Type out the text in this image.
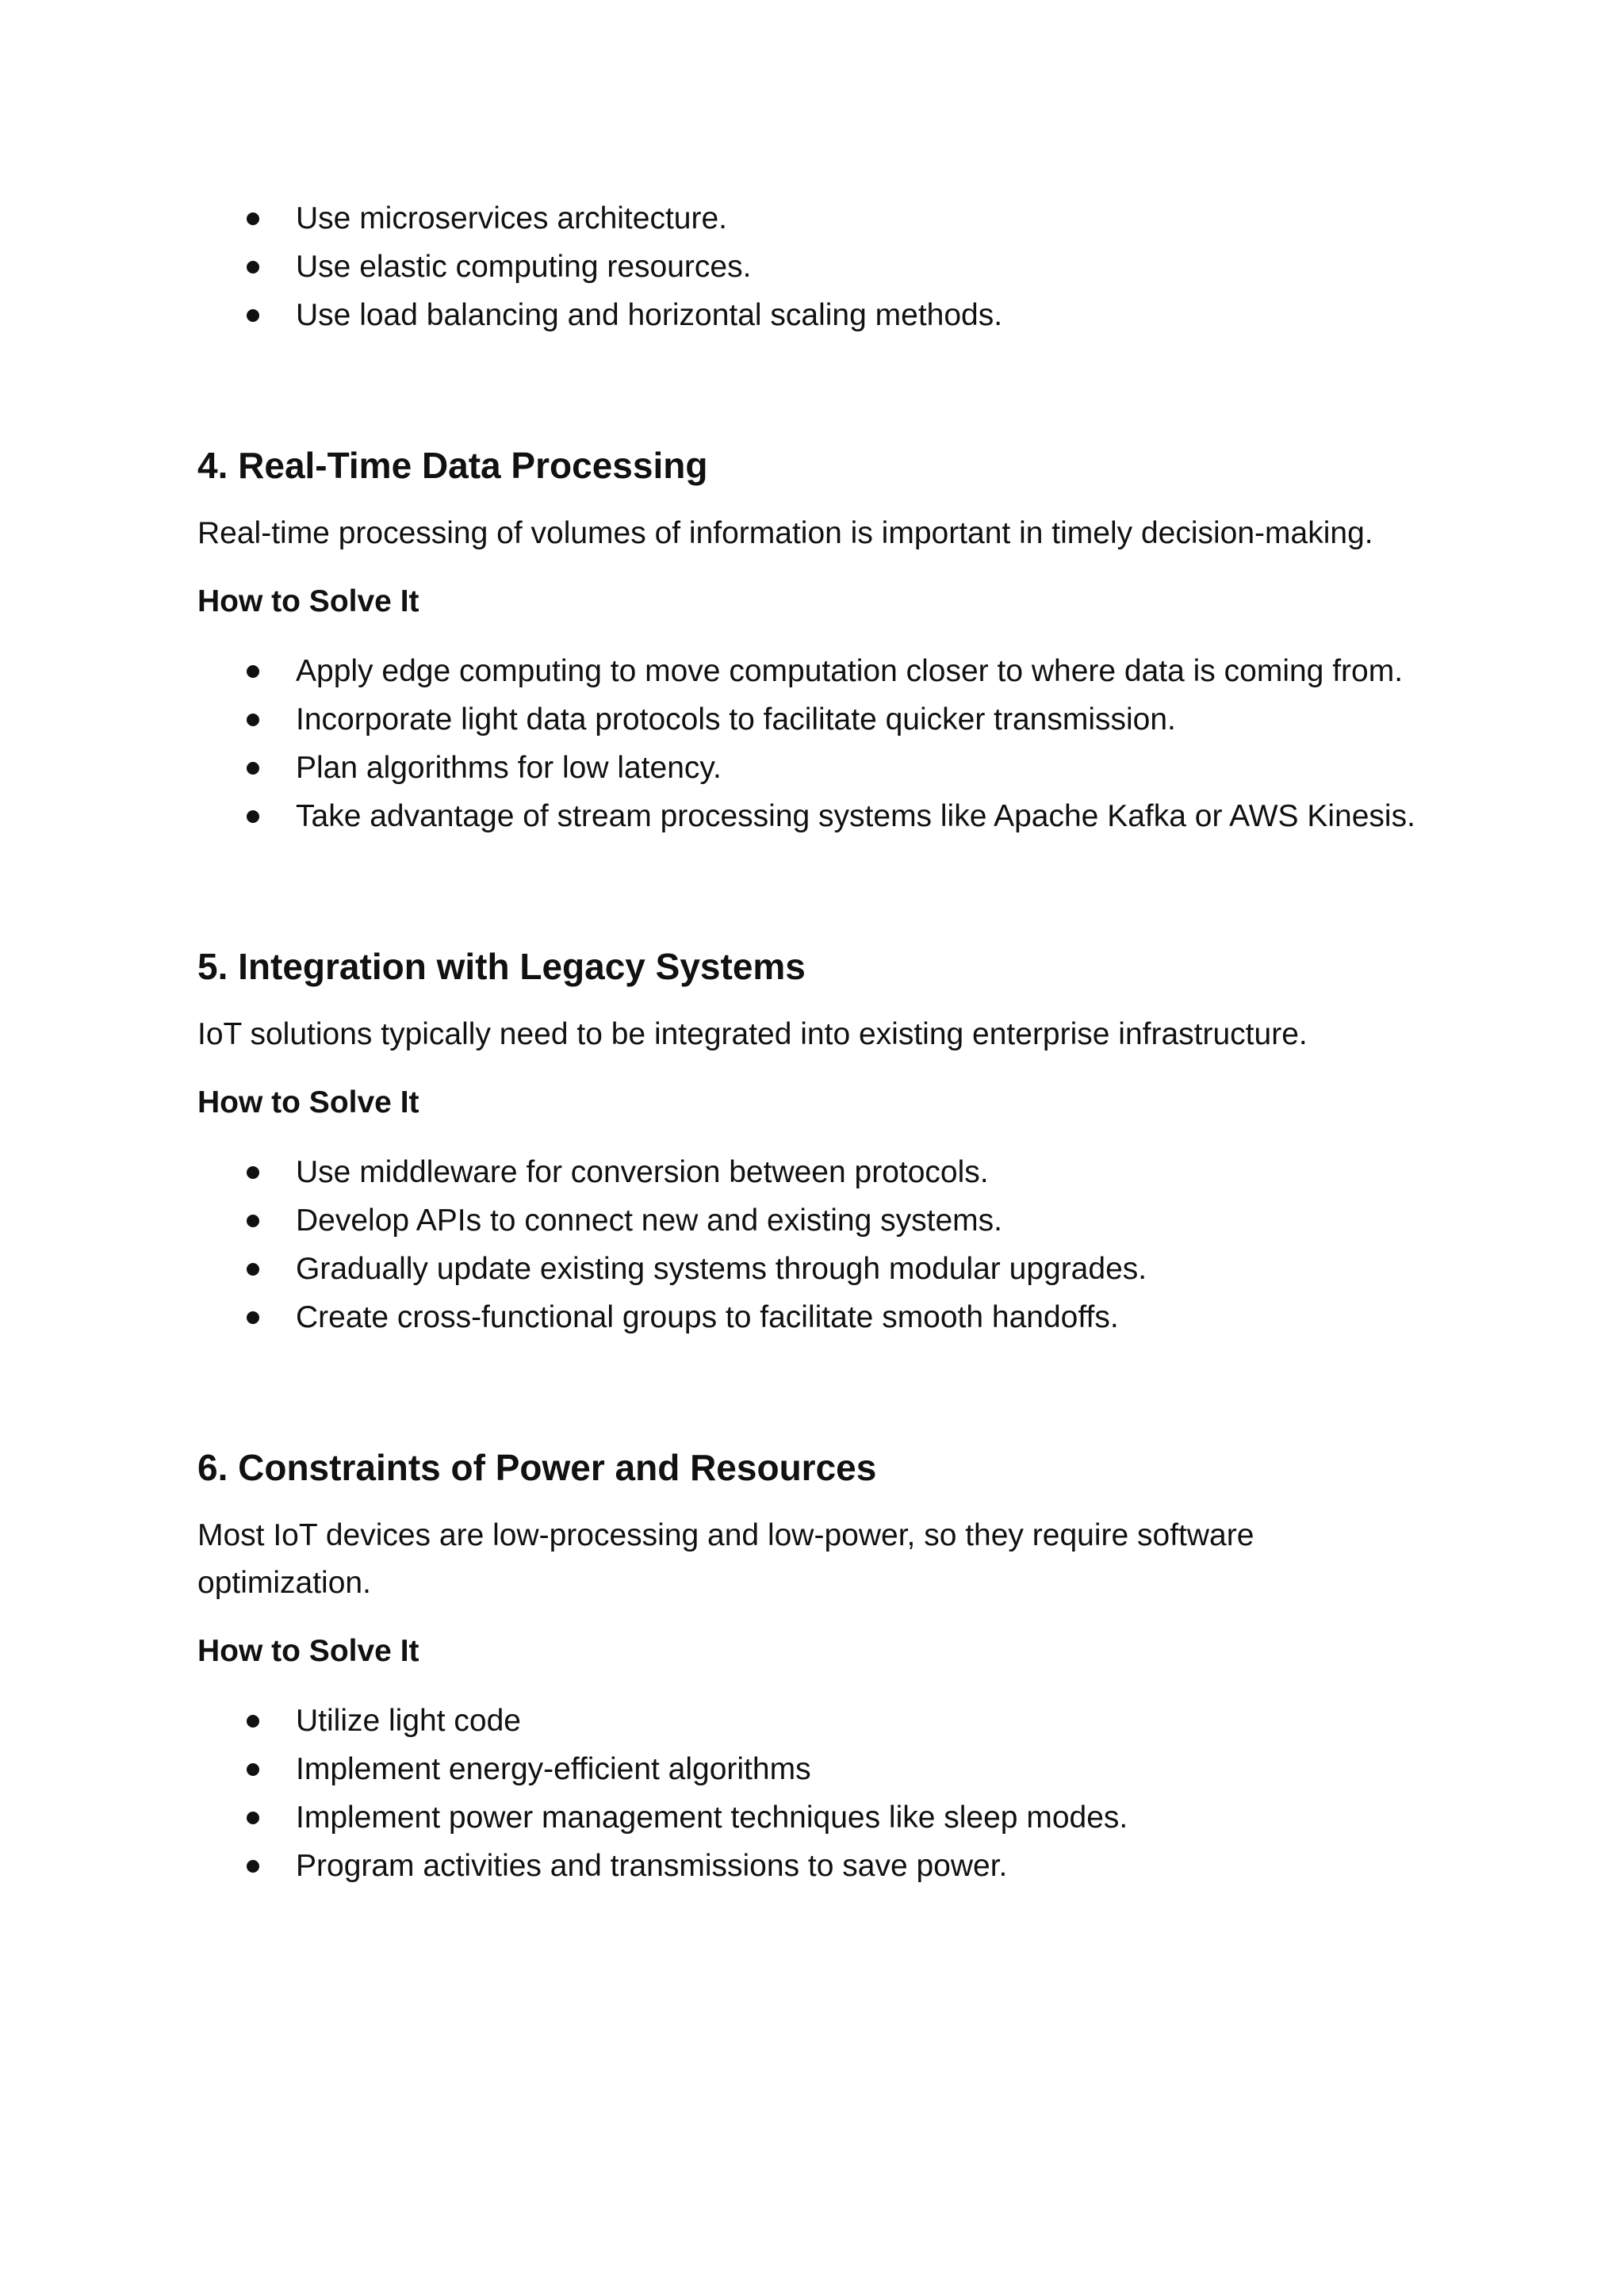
Use microservices architecture.
Use elastic computing resources.
Use load balancing and horizontal scaling methods.
4. Real-Time Data Processing

Real-time processing of volumes of information is important in timely decision-making.

How to Solve It
Apply edge computing to move computation closer to where data is coming from.
Incorporate light data protocols to facilitate quicker transmission.
Plan algorithms for low latency.
Take advantage of stream processing systems like Apache Kafka or AWS Kinesis.
5. Integration with Legacy Systems

IoT solutions typically need to be integrated into existing enterprise infrastructure.

How to Solve It
Use middleware for conversion between protocols.
Develop APIs to connect new and existing systems.
Gradually update existing systems through modular upgrades.
Create cross-functional groups to facilitate smooth handoffs.
6. Constraints of Power and Resources

Most IoT devices are low-processing and low-power, so they require software optimization.

How to Solve It
Utilize light code
Implement energy-efficient algorithms
Implement power management techniques like sleep modes.
Program activities and transmissions to save power.
